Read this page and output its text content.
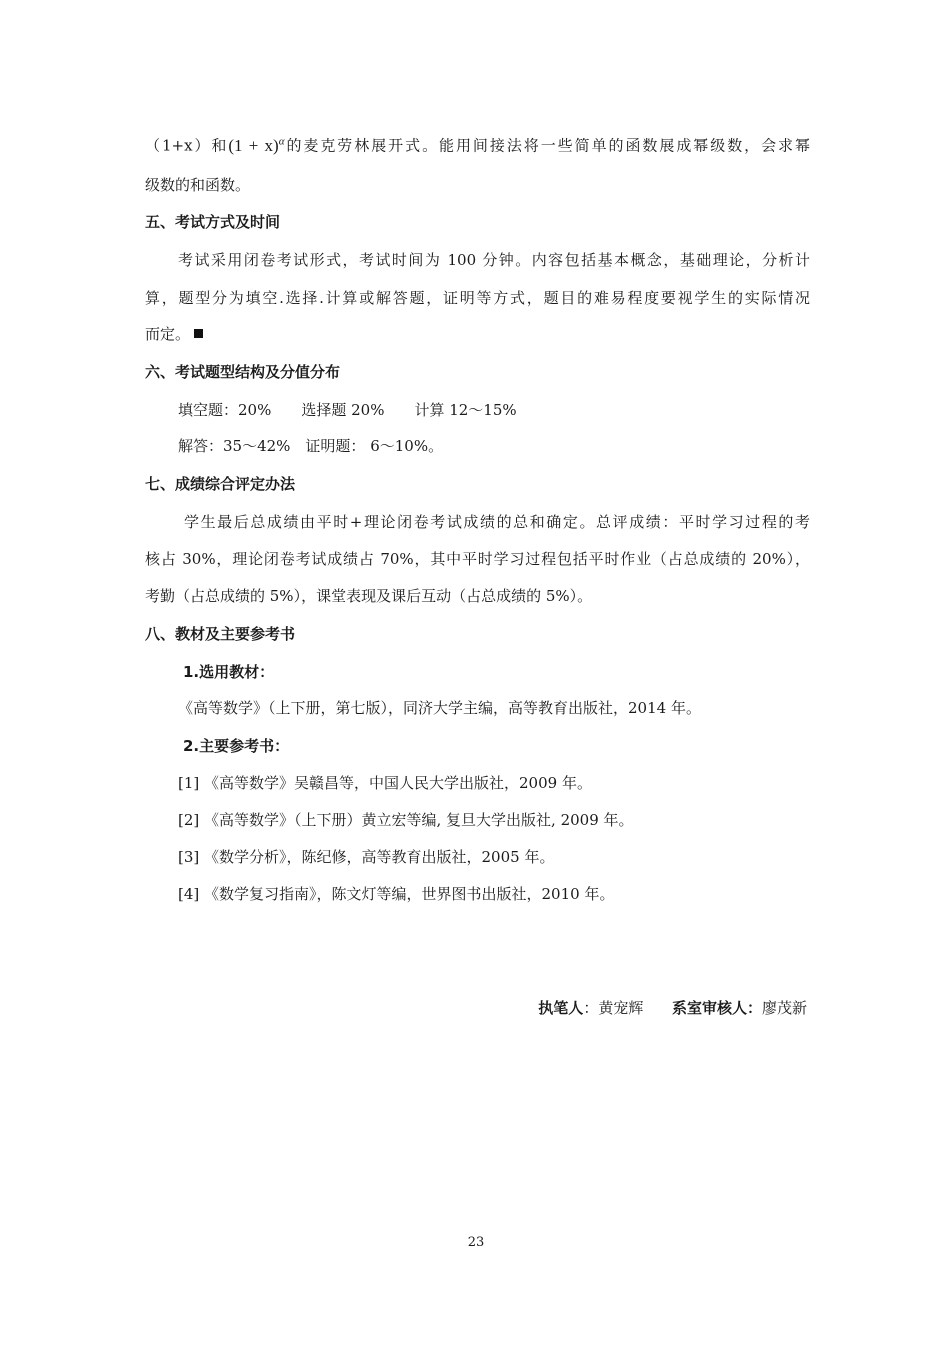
（1+x）和$(1 + x)^\alpha$的麦克劳林展开式。能用间接法将一些简单的函数展成幂级数，会求幂
级数的和函数。
五、考试方式及时间
考试采用闭卷考试形式，考试时间为 100 分钟。内容包括基本概念，基础理论，分析计
算，题型分为填空.选择.计算或解答题，证明等方式，题目的难易程度要视学生的实际情况
而定。
六、考试题型结构及分值分布
填空题：20%　　选择题 20%　　计算 12～15%
解答：35～42%　证明题： 6～10%。
七、成绩综合评定办法
学生最后总成绩由平时+理论闭卷考试成绩的总和确定。总评成绩：平时学习过程的考
核占 30%，理论闭卷考试成绩占 70%，其中平时学习过程包括平时作业（占总成绩的 20%），
考勤（占总成绩的 5%），课堂表现及课后互动（占总成绩的 5%）。
八、教材及主要参考书
1.选用教材：
《高等数学》（上下册，第七版），同济大学主编，高等教育出版社，2014 年。
2.主要参考书：
[1] 《高等数学》吴赣昌等，中国人民大学出版社，2009 年。
[2] 《高等数学》（上下册）黄立宏等编, 复旦大学出版社, 2009 年。
[3] 《数学分析》，陈纪修，高等教育出版社，2005 年。
[4] 《数学复习指南》，陈文灯等编，世界图书出版社，2010 年。
执笔人：黄宠辉 系室审核人：廖茂新
23
